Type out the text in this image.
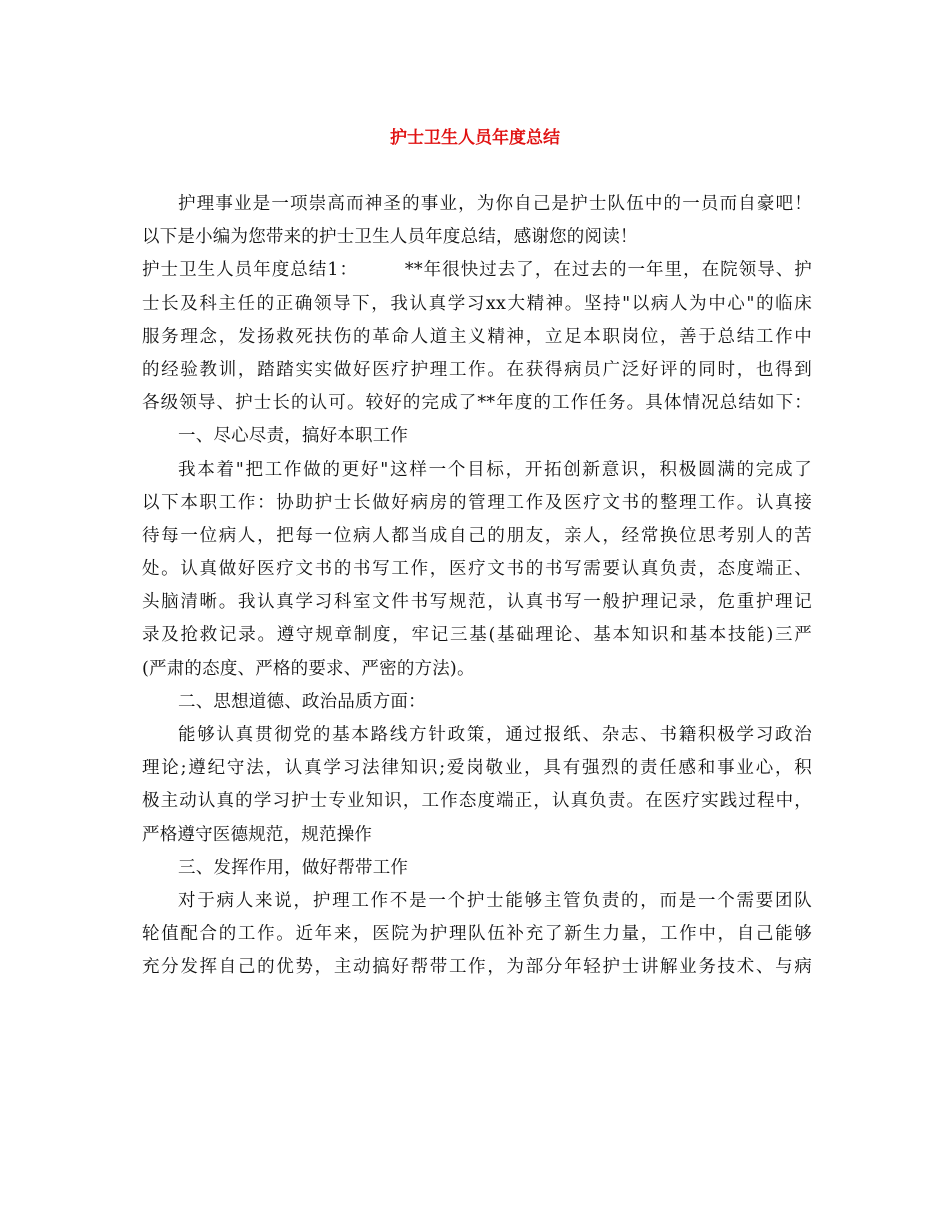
护士卫生人员年度总结
护理事业是一项崇高而神圣的事业，为你自己是护士队伍中的一员而自豪吧！
以下是小编为您带来的护士卫生人员年度总结，感谢您的阅读！
护士卫生人员年度总结1：　　　**年很快过去了，在过去的一年里，在院领导、护
士长及科主任的正确领导下，我认真学习xx大精神。坚持"以病人为中心"的临床
服务理念，发扬救死扶伤的革命人道主义精神，立足本职岗位，善于总结工作中
的经验教训，踏踏实实做好医疗护理工作。在获得病员广泛好评的同时，也得到
各级领导、护士长的认可。较好的完成了**年度的工作任务。具体情况总结如下：
一、尽心尽责，搞好本职工作
我本着"把工作做的更好"这样一个目标，开拓创新意识，积极圆满的完成了
以下本职工作：协助护士长做好病房的管理工作及医疗文书的整理工作。认真接
待每一位病人，把每一位病人都当成自己的朋友，亲人，经常换位思考别人的苦
处。认真做好医疗文书的书写工作，医疗文书的书写需要认真负责，态度端正、
头脑清晰。我认真学习科室文件书写规范，认真书写一般护理记录，危重护理记
录及抢救记录。遵守规章制度，牢记三基(基础理论、基本知识和基本技能)三严
(严肃的态度、严格的要求、严密的方法)。
二、思想道德、政治品质方面：
能够认真贯彻党的基本路线方针政策，通过报纸、杂志、书籍积极学习政治
理论;遵纪守法，认真学习法律知识;爱岗敬业，具有强烈的责任感和事业心，积
极主动认真的学习护士专业知识，工作态度端正，认真负责。在医疗实践过程中，
严格遵守医德规范，规范操作
三、发挥作用，做好帮带工作
对于病人来说，护理工作不是一个护士能够主管负责的，而是一个需要团队
轮值配合的工作。近年来，医院为护理队伍补充了新生力量，工作中，自己能够
充分发挥自己的优势，主动搞好帮带工作，为部分年轻护士讲解业务技术、与病
